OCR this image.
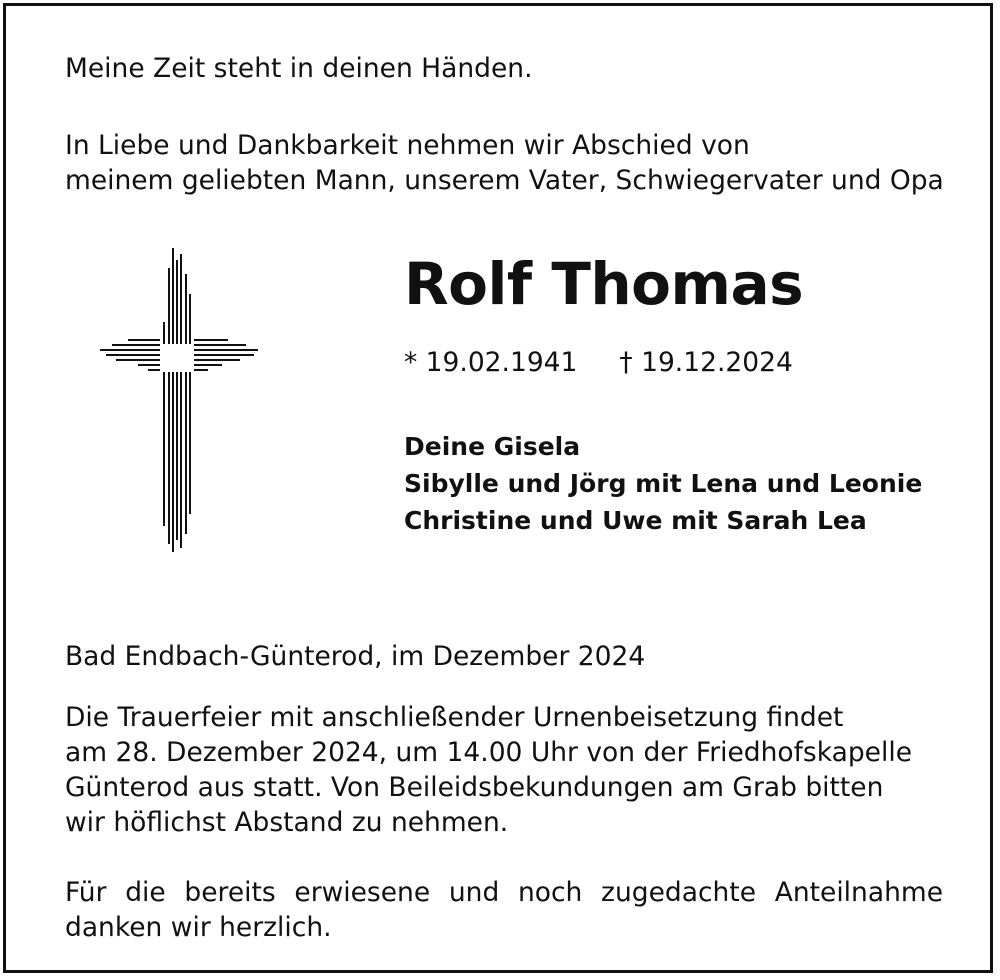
Meine Zeit steht in deinen Händen.

In Liebe und Dankbarkeit nehmen wir Abschied von
meinem geliebten Mann, unserem Vater, Schwiegervater und Opa

Rolf Thomas
* 19.02.1941 † 19.12.2024
Deine Gisela
Sibylle und Jörg mit Lena und Leonie
Christine und Uwe mit Sarah Lea

Bad Endbach-Günterod, im Dezember 2024

Die Trauerfeier mit anschließender Urnenbeisetzung findet
am 28. Dezember 2024, um 14.00 Uhr von der Friedhofskapelle
Günterod aus statt. Von Beileidsbekundungen am Grab bitten
wir höflichst Abstand zu nehmen.

Für die bereits erwiesene und noch zugedachte Anteilnahme danken wir herzlich.
